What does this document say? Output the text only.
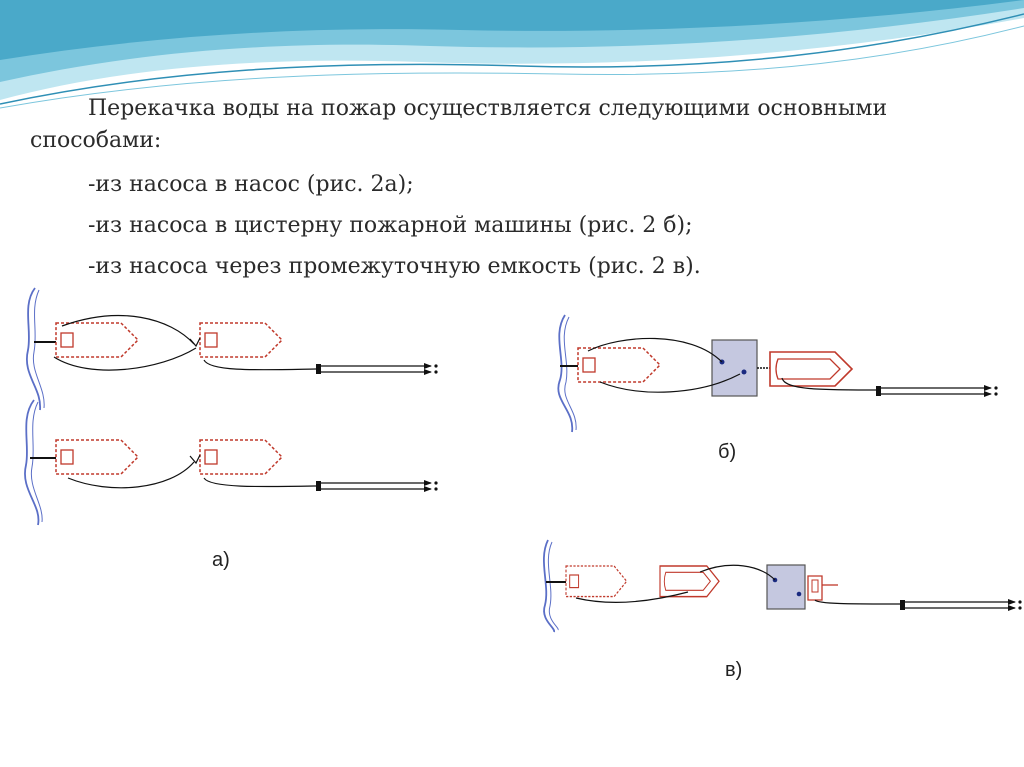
Перекачка воды на пожар осуществляется следующими основными
способами:
-из насоса в насос (рис. 2а);
-из насоса в цистерну пожарной машины (рис. 2 б);
-из насоса через промежуточную емкость (рис. 2 в).
а)
б)
в)
